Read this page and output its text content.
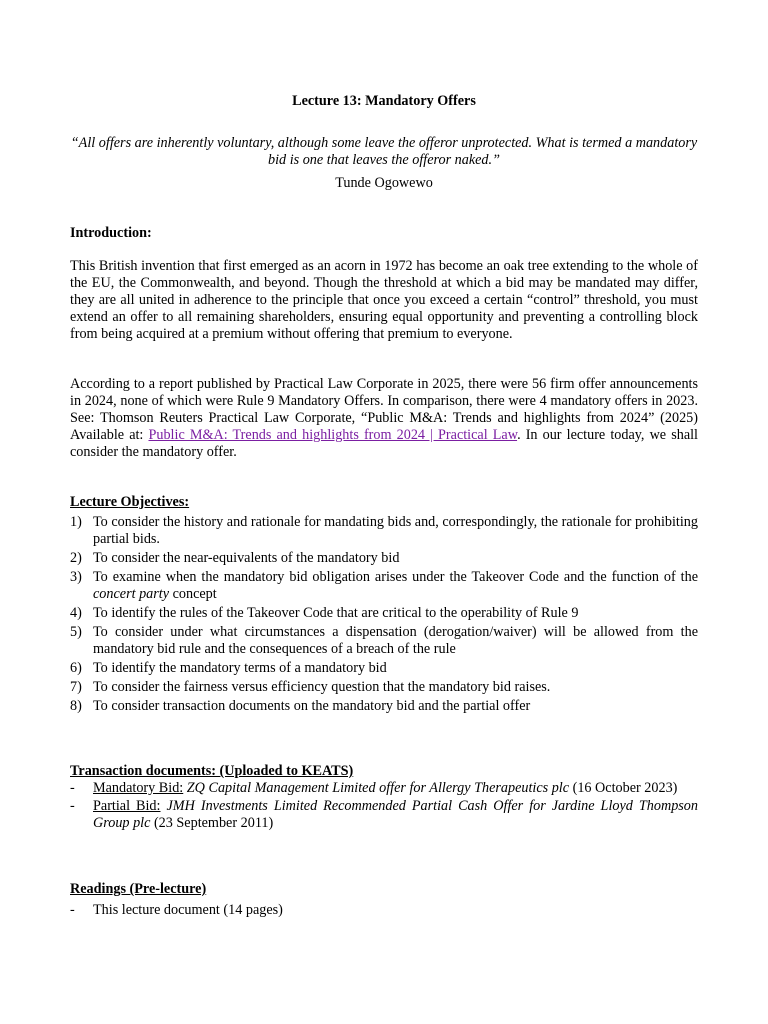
Lecture 13: Mandatory Offers
“All offers are inherently voluntary, although some leave the offeror unprotected. What is termed a mandatory bid is one that leaves the offeror naked.”
Tunde Ogowewo
Introduction:
This British invention that first emerged as an acorn in 1972 has become an oak tree extending to the whole of the EU, the Commonwealth, and beyond. Though the threshold at which a bid may be mandated may differ, they are all united in adherence to the principle that once you exceed a certain “control” threshold, you must extend an offer to all remaining shareholders, ensuring equal opportunity and preventing a controlling block from being acquired at a premium without offering that premium to everyone.
According to a report published by Practical Law Corporate in 2025, there were 56 firm offer announcements in 2024, none of which were Rule 9 Mandatory Offers. In comparison, there were 4 mandatory offers in 2023. See: Thomson Reuters Practical Law Corporate, “Public M&A: Trends and highlights from 2024” (2025) Available at: Public M&A: Trends and highlights from 2024 | Practical Law. In our lecture today, we shall consider the mandatory offer.
Lecture Objectives:
1) To consider the history and rationale for mandating bids and, correspondingly, the rationale for prohibiting partial bids.
2) To consider the near-equivalents of the mandatory bid
3) To examine when the mandatory bid obligation arises under the Takeover Code and the function of the concert party concept
4) To identify the rules of the Takeover Code that are critical to the operability of Rule 9
5) To consider under what circumstances a dispensation (derogation/waiver) will be allowed from the mandatory bid rule and the consequences of a breach of the rule
6) To identify the mandatory terms of a mandatory bid
7) To consider the fairness versus efficiency question that the mandatory bid raises.
8) To consider transaction documents on the mandatory bid and the partial offer
Transaction documents: (Uploaded to KEATS)
- Mandatory Bid: ZQ Capital Management Limited offer for Allergy Therapeutics plc (16 October 2023)
- Partial Bid: JMH Investments Limited Recommended Partial Cash Offer for Jardine Lloyd Thompson Group plc (23 September 2011)
Readings (Pre-lecture)
- This lecture document (14 pages)
